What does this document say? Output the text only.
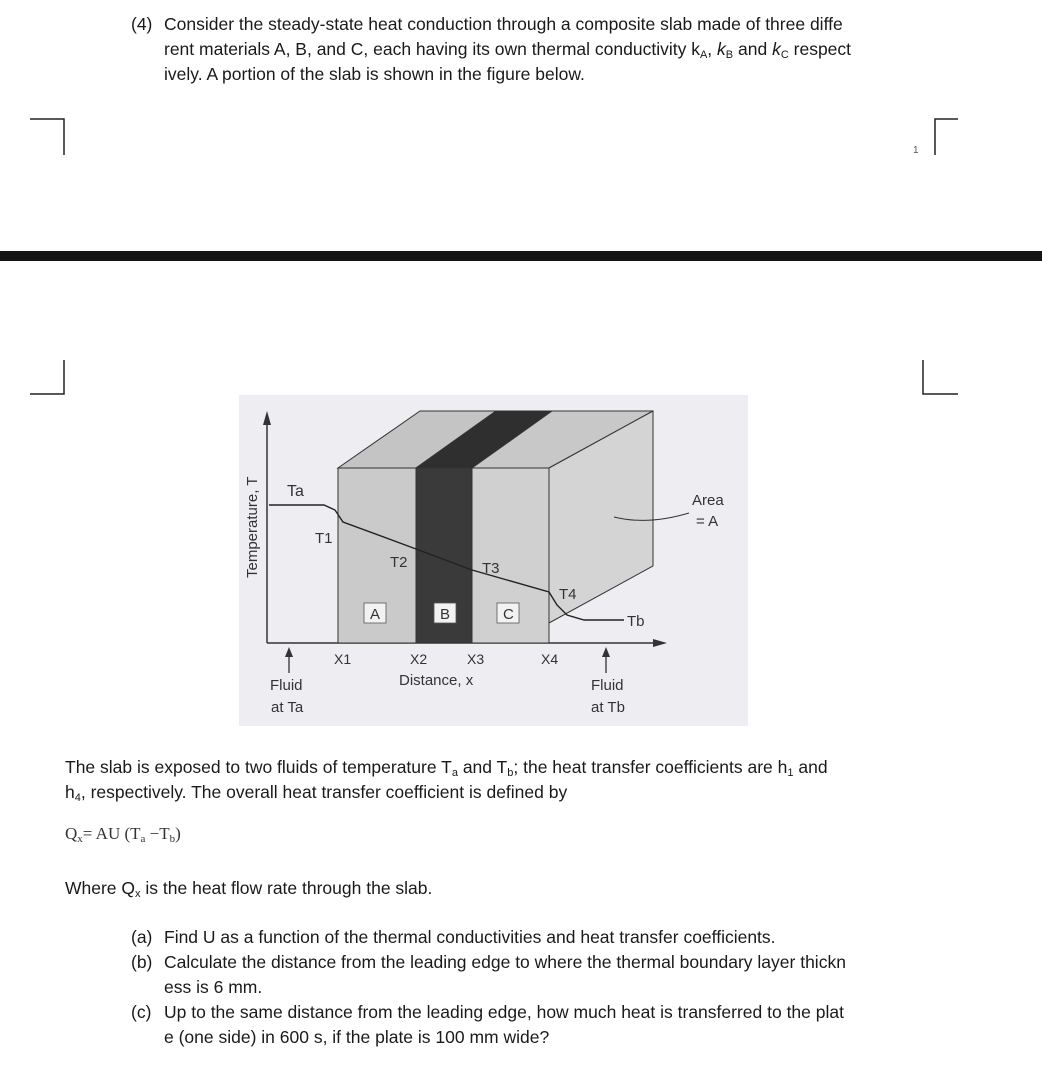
(4) Consider the steady-state heat conduction through a composite slab made of three diffe
rent materials A, B, and C, each having its own thermal conductivity $k_A$, $k_B$ and $k_C$ respect
ively. A portion of the slab is shown in the figure below.
1
Temperature, T Ta
T1
T2	T3
T4
Tb
A	B	C
Area
= A
X1	X2	X3	X4
Distance, x
Fluid
at Ta
Fluid
at Tb
The slab is exposed to two fluids of temperature $T_a$ and $T_b$; the heat transfer coefficients are $h_1$ and
$h_4$, respectively. The overall heat transfer coefficient is defined by
$Q_x=$ AU $(T_a -T_b)$
Where $Q_x$ is the heat flow rate through the slab.
(a) Find U as a function of the thermal conductivities and heat transfer coefficients.
(b) Calculate the distance from the leading edge to where the thermal boundary layer thickn
ess is 6 mm.
(c) Up to the same distance from the leading edge, how much heat is transferred to the plat
e (one side) in 600 s, if the plate is 100 mm wide?
